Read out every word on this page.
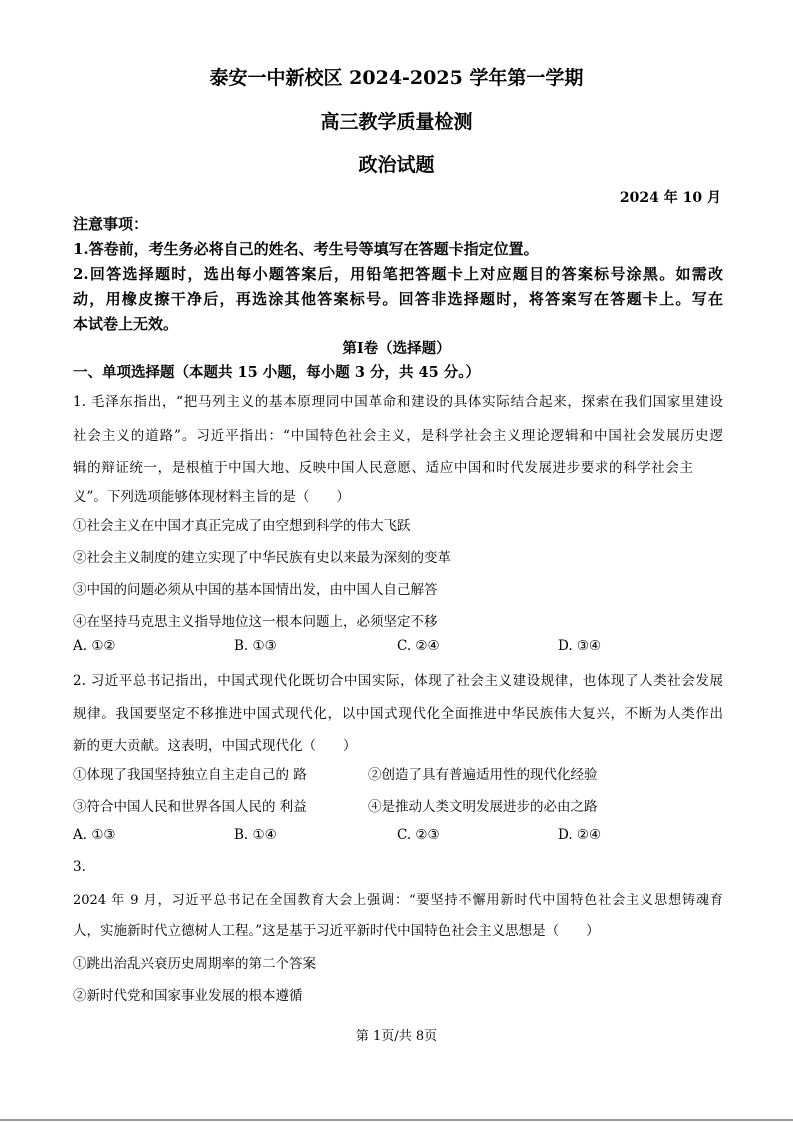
泰安一中新校区 2024-2025 学年第一学期
高三教学质量检测
政治试题
2024 年 10 月
注意事项：
1.答卷前，考生务必将自己的姓名、考生号等填写在答题卡指定位置。
2.回答选择题时，选出每小题答案后，用铅笔把答题卡上对应题目的答案标号涂黑。如需改
动，用橡皮擦干净后，再选涂其他答案标号。回答非选择题时，将答案写在答题卡上。写在
本试卷上无效。
第Ⅰ卷（选择题）
一、单项选择题（本题共 15 小题，每小题 3 分，共 45 分。）
1. 毛泽东指出，“把马列主义的基本原理同中国革命和建设的具体实际结合起来，探索在我们国家里建设
社会主义的道路”。习近平指出：“中国特色社会主义，是科学社会主义理论逻辑和中国社会发展历史逻
辑的辩证统一，是根植于中国大地、反映中国人民意愿、适应中国和时代发展进步要求的科学社会主
义”。下列选项能够体现材料主旨的是（　　）
①社会主义在中国才真正完成了由空想到科学的伟大飞跃
②社会主义制度的建立实现了中华民族有史以来最为深刻的变革
③中国的问题必须从中国的基本国情出发，由中国人自己解答
④在坚持马克思主义指导地位这一根本问题上，必须坚定不移
A. ①②	B. ①③	C. ②④	D. ③④
2. 习近平总书记指出，中国式现代化既切合中国实际，体现了社会主义建设规律，也体现了人类社会发展
规律。我国要坚定不移推进中国式现代化，以中国式现代化全面推进中华民族伟大复兴，不断为人类作出
新的更大贡献。这表明，中国式现代化（　　）
①体现了我国坚持独立自主走自己的 路	②创造了具有普遍适用性的现代化经验
③符合中国人民和世界各国人民的 利益	④是推动人类文明发展进步的必由之路
A. ①③	B. ①④	C. ②③	D. ②④
3.
2024 年 9 月，习近平总书记在全国教育大会上强调：“要坚持不懈用新时代中国特色社会主义思想铸魂育
人，实施新时代立德树人工程。”这是基于习近平新时代中国特色社会主义思想是（　　）
①跳出治乱兴衰历史周期率的第二个答案
②新时代党和国家事业发展的根本遵循
第 1页/共 8页
